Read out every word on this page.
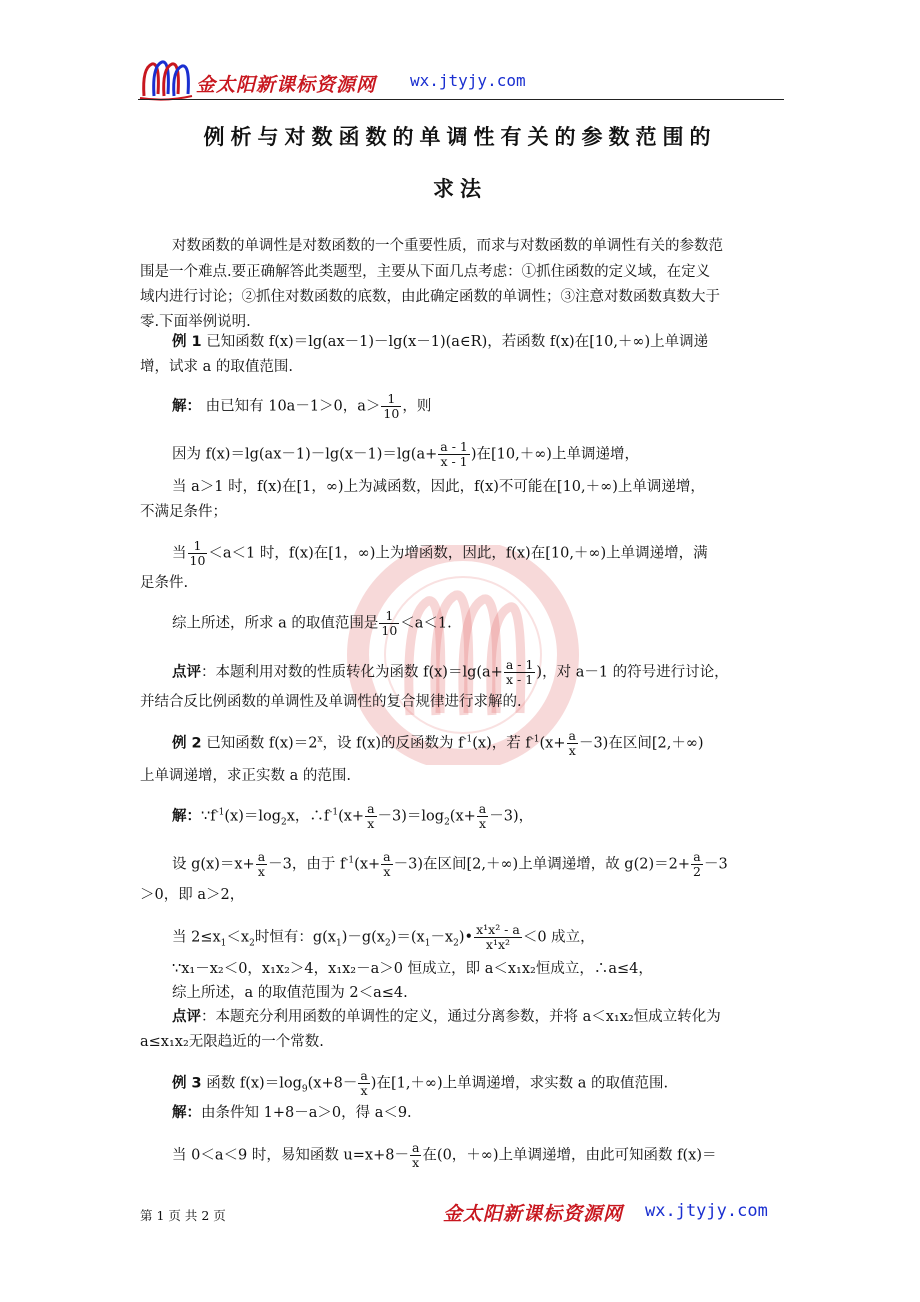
金太阳新课标资源网 wx.jtyjy.com
例析与对数函数的单调性有关的参数范围的
求法
对数函数的单调性是对数函数的一个重要性质，而求与对数函数的单调性有关的参数范
围是一个难点.要正确解答此类题型，主要从下面几点考虑：①抓住函数的定义域，在定义
域内进行讨论；②抓住对数函数的底数，由此确定函数的单调性；③注意对数函数真数大于
零.下面举例说明.
例 1 已知函数 f(x)＝lg(ax－1)－lg(x－1)(a∈R)，若函数 f(x)在[10,＋∞)上单调递
增，试求 a 的取值范围.
解： 由已知有 10a－1＞0，$a> \frac{1}{10}$ ，则
因为 $f(x)=\lg(ax-1)-\lg(x-1)=\lg(a+ \frac{a - 1}{x - 1}$ )在[10,＋∞)上单调递增，
当 a＞1 时，f(x)在[1，∞)上为减函数，因此，f(x)不可能在[10,＋∞)上单调递增，
不满足条件；
当 $\frac{1}{10} <a<1$ 时，f(x)在[1，∞)上为增函数，因此，f(x)在[10,＋∞)上单调递增，满
足条件.
综上所述，所求 a 的取值范围是 $\frac{1}{10} <a<1$.
点评：本题利用对数的性质转化为函数 $f(x)=\lg(a+ \frac{a - 1}{x - 1}$ )，对 a－1 的符号进行讨论，
并结合反比例函数的单调性及单调性的复合规律进行求解的.
例 2 已知函数 $f(x)=2^x$，设 f(x)的反函数为 $f^{-1}(x)$，若 $f^{-1}(x+ \frac{a}{x} -3)$在区间[2,＋∞)
上单调递增，求正实数 a 的范围.
解：$\because f^{-1}(x)=\log_2x$，$\therefore f^{-1}(x+ \frac{a}{x} -3)=\log_2(x+ \frac{a}{x} -3)$，
设 $g(x)=x+ \frac{a}{x} -3$，由于 $f^{-1}(x+ \frac{a}{x} -3)$在区间[2,＋∞)上单调递增，故 $g(2)=2+ \frac{a}{2} -3$
＞0，即 a＞2，
当 $2\le x_1<x_2$时恒有：$g(x_1)-g(x_2)=(x_1-x_2)• \frac{\text{x¹x² - a}}{\text{x¹x²}} <0$ 成立，
∵x₁－x₂＜0，x₁x₂＞4，x₁x₂－a＞0 恒成立，即 a＜x₁x₂恒成立，∴a≤4，
综上所述，a 的取值范围为 2＜a≤4.
点评：本题充分利用函数的单调性的定义，通过分离参数，并将 a＜x₁x₂恒成立转化为
a≤x₁x₂无限趋近的一个常数.
例 3 函数 $f(x)=\log_9(x+8- \frac{a}{x}$ )在[1,＋∞)上单调递增，求实数 a 的取值范围.
解：由条件知 1+8－a＞0，得 a＜9.
当 0＜a＜9 时，易知函数 $u=x+8- \frac{a}{x}$ 在(0，＋∞)上单调递增，由此可知函数 f(x)＝
第 1 页 共 2 页	金太阳新课标资源网 wx.jtyjy.com
